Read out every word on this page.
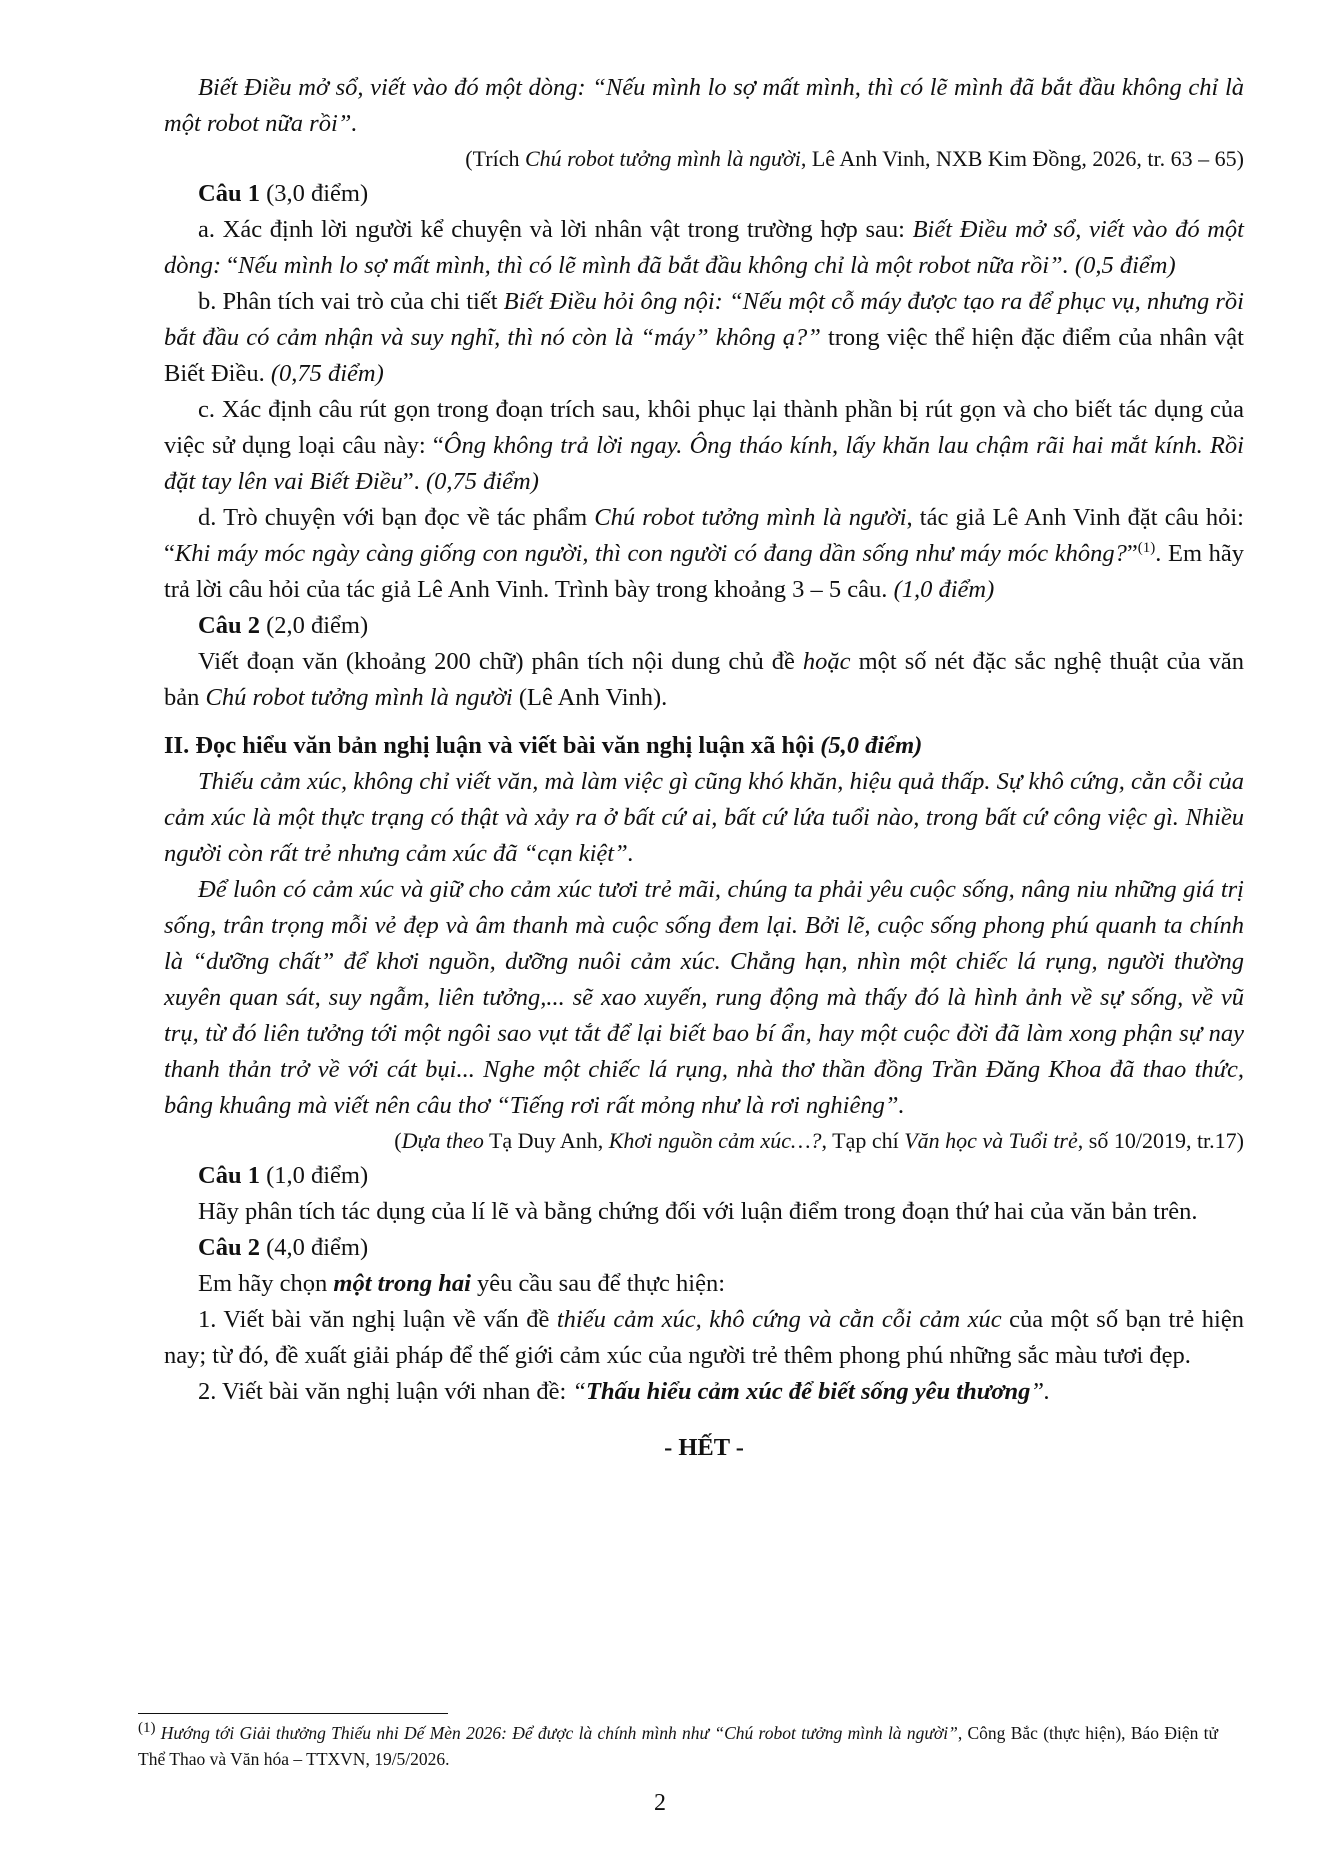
Biết Điều mở sổ, viết vào đó một dòng: “Nếu mình lo sợ mất mình, thì có lẽ mình đã bắt đầu không chỉ là một robot nữa rồi”.

(Trích Chú robot tưởng mình là người, Lê Anh Vinh, NXB Kim Đồng, 2026, tr. 63 – 65)

Câu 1 (3,0 điểm)

a. Xác định lời người kể chuyện và lời nhân vật trong trường hợp sau: Biết Điều mở sổ, viết vào đó một dòng: “Nếu mình lo sợ mất mình, thì có lẽ mình đã bắt đầu không chỉ là một robot nữa rồi”. (0,5 điểm)

b. Phân tích vai trò của chi tiết Biết Điều hỏi ông nội: “Nếu một cỗ máy được tạo ra để phục vụ, nhưng rồi bắt đầu có cảm nhận và suy nghĩ, thì nó còn là “máy” không ạ?” trong việc thể hiện đặc điểm của nhân vật Biết Điều. (0,75 điểm)

c. Xác định câu rút gọn trong đoạn trích sau, khôi phục lại thành phần bị rút gọn và cho biết tác dụng của việc sử dụng loại câu này: “Ông không trả lời ngay. Ông tháo kính, lấy khăn lau chậm rãi hai mắt kính. Rồi đặt tay lên vai Biết Điều”. (0,75 điểm)

d. Trò chuyện với bạn đọc về tác phẩm Chú robot tưởng mình là người, tác giả Lê Anh Vinh đặt câu hỏi: “Khi máy móc ngày càng giống con người, thì con người có đang dần sống như máy móc không?”$^{(1)}$. Em hãy trả lời câu hỏi của tác giả Lê Anh Vinh. Trình bày trong khoảng 3 – 5 câu. (1,0 điểm)

Câu 2 (2,0 điểm)

Viết đoạn văn (khoảng 200 chữ) phân tích nội dung chủ đề hoặc một số nét đặc sắc nghệ thuật của văn bản Chú robot tưởng mình là người (Lê Anh Vinh).

II. Đọc hiểu văn bản nghị luận và viết bài văn nghị luận xã hội (5,0 điểm)

Thiếu cảm xúc, không chỉ viết văn, mà làm việc gì cũng khó khăn, hiệu quả thấp. Sự khô cứng, cằn cỗi của cảm xúc là một thực trạng có thật và xảy ra ở bất cứ ai, bất cứ lứa tuổi nào, trong bất cứ công việc gì. Nhiều người còn rất trẻ nhưng cảm xúc đã “cạn kiệt”.

Để luôn có cảm xúc và giữ cho cảm xúc tươi trẻ mãi, chúng ta phải yêu cuộc sống, nâng niu những giá trị sống, trân trọng mỗi vẻ đẹp và âm thanh mà cuộc sống đem lại. Bởi lẽ, cuộc sống phong phú quanh ta chính là “dưỡng chất” để khơi nguồn, dưỡng nuôi cảm xúc. Chẳng hạn, nhìn một chiếc lá rụng, người thường xuyên quan sát, suy ngẫm, liên tưởng,... sẽ xao xuyến, rung động mà thấy đó là hình ảnh về sự sống, về vũ trụ, từ đó liên tưởng tới một ngôi sao vụt tắt để lại biết bao bí ẩn, hay một cuộc đời đã làm xong phận sự nay thanh thản trở về với cát bụi... Nghe một chiếc lá rụng, nhà thơ thần đồng Trần Đăng Khoa đã thao thức, bâng khuâng mà viết nên câu thơ “Tiếng rơi rất mỏng như là rơi nghiêng”.

(Dựa theo Tạ Duy Anh, Khơi nguồn cảm xúc…?, Tạp chí Văn học và Tuổi trẻ, số 10/2019, tr.17)

Câu 1 (1,0 điểm)

Hãy phân tích tác dụng của lí lẽ và bằng chứng đối với luận điểm trong đoạn thứ hai của văn bản trên.

Câu 2 (4,0 điểm)

Em hãy chọn một trong hai yêu cầu sau để thực hiện:

1. Viết bài văn nghị luận về vấn đề thiếu cảm xúc, khô cứng và cằn cỗi cảm xúc của một số bạn trẻ hiện nay; từ đó, đề xuất giải pháp để thế giới cảm xúc của người trẻ thêm phong phú những sắc màu tươi đẹp.

2. Viết bài văn nghị luận với nhan đề: “Thấu hiểu cảm xúc để biết sống yêu thương”.

- HẾT -

$^{(1)}$ Hướng tới Giải thưởng Thiếu nhi Dế Mèn 2026: Để được là chính mình như “Chú robot tưởng mình là người”, Công Bắc (thực hiện), Báo Điện tử Thể Thao và Văn hóa – TTXVN, 19/5/2026.
2
